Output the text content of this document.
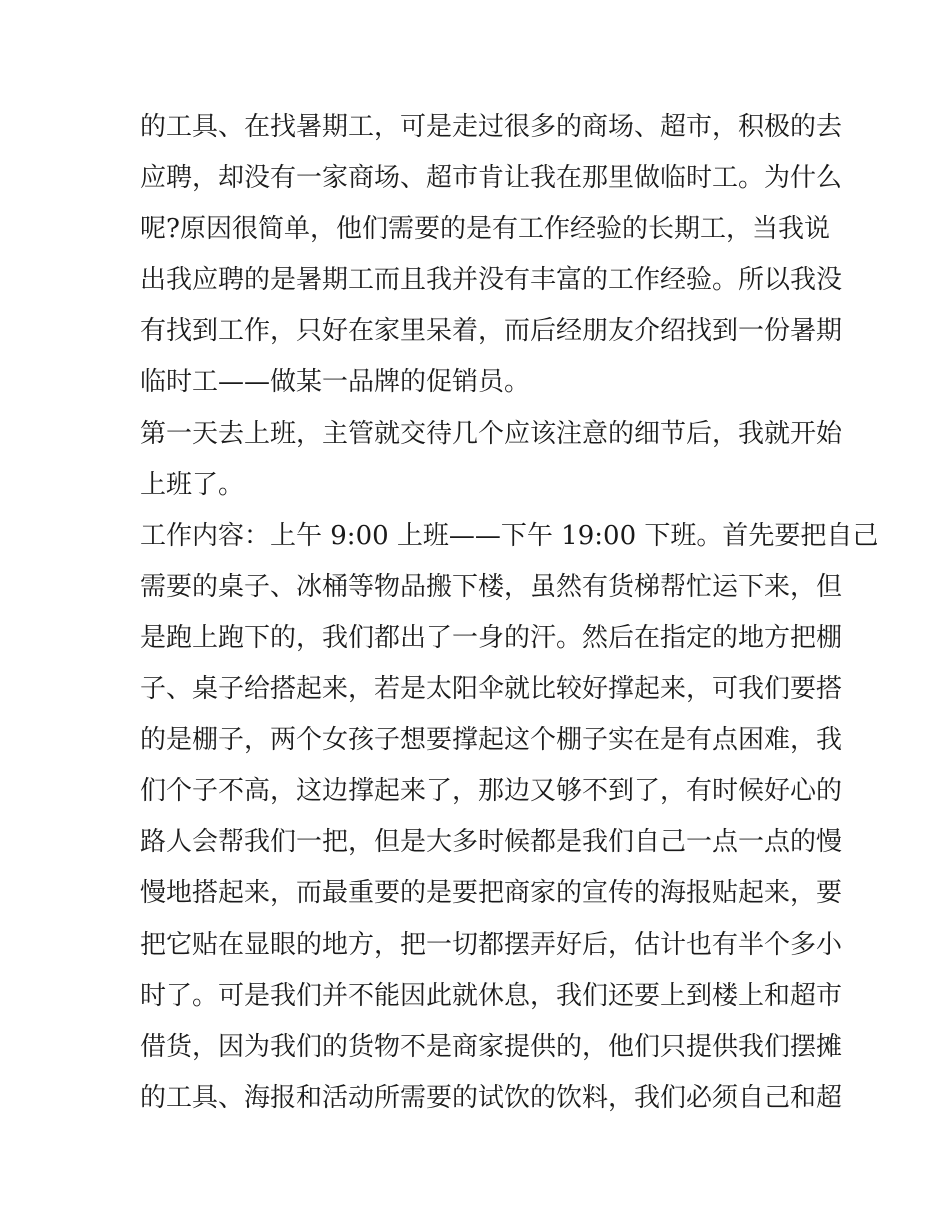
的工具、在找暑期工，可是走过很多的商场、超市，积极的去
应聘，却没有一家商场、超市肯让我在那里做临时工。为什么
呢?原因很简单，他们需要的是有工作经验的长期工，当我说
出我应聘的是暑期工而且我并没有丰富的工作经验。所以我没
有找到工作，只好在家里呆着，而后经朋友介绍找到一份暑期
临时工——做某一品牌的促销员。
第一天去上班，主管就交待几个应该注意的细节后，我就开始
上班了。
工作内容：上午 9:00 上班——下午 19:00 下班。首先要把自己
需要的桌子、冰桶等物品搬下楼，虽然有货梯帮忙运下来，但
是跑上跑下的，我们都出了一身的汗。然后在指定的地方把棚
子、桌子给搭起来，若是太阳伞就比较好撑起来，可我们要搭
的是棚子，两个女孩子想要撑起这个棚子实在是有点困难，我
们个子不高，这边撑起来了，那边又够不到了，有时候好心的
路人会帮我们一把，但是大多时候都是我们自己一点一点的慢
慢地搭起来，而最重要的是要把商家的宣传的海报贴起来，要
把它贴在显眼的地方，把一切都摆弄好后，估计也有半个多小
时了。可是我们并不能因此就休息，我们还要上到楼上和超市
借货，因为我们的货物不是商家提供的，他们只提供我们摆摊
的工具、海报和活动所需要的试饮的饮料，我们必须自己和超
